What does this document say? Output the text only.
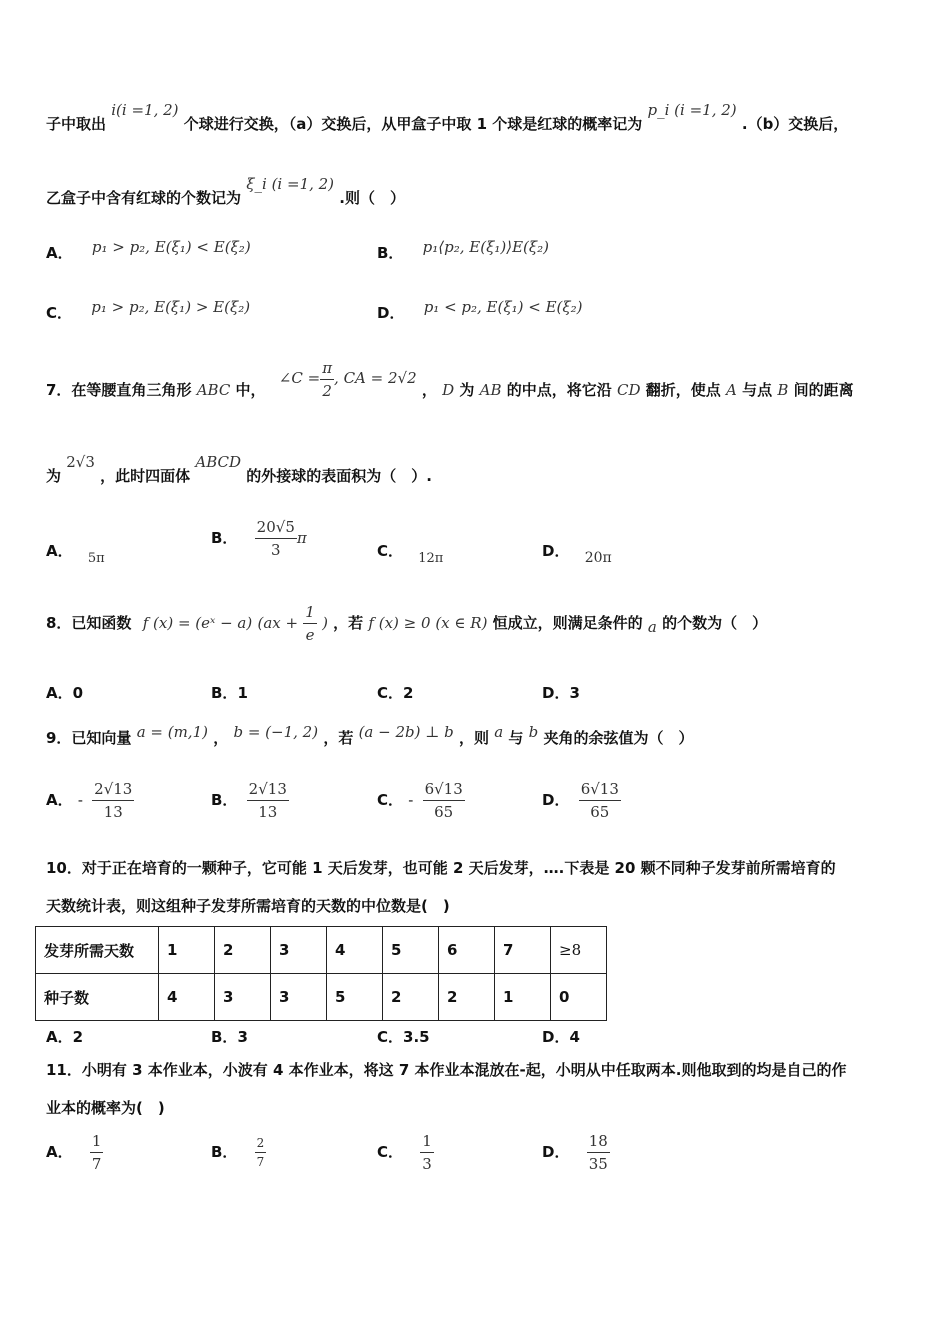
子中取出 i(i =1, 2) 个球进行交换，（a）交换后，从甲盒子中取 1 个球是红球的概率记为 p_i (i =1, 2) .（b）交换后，
乙盒子中含有红球的个数记为 ξ_i (i =1, 2) .则（　）
A． p₁ > p₂, E(ξ₁) < E(ξ₂)	B． p₁⟨p₂, E(ξ₁)⟩E(ξ₂)
C． p₁ > p₂, E(ξ₁) > E(ξ₂)	D． p₁ < p₂, E(ξ₁) < E(ξ₂)
7．在等腰直角三角形 ABC 中， ∠C = $\frac{\pi}{2}$ , CA = 2√2 ， D 为 AB 的中点，将它沿 CD 翻折，使点 A 与点 B 间的距离
为 2√3 ，此时四面体 ABCD 的外接球的表面积为（　）.
A． 5π
B． $\frac{20√5}{3}$ π
C． 12π	D． 20π
8．已知函数 f (x) = (eˣ − a) ($ax + \frac{1}{e}$ ) ，若 f (x) ≥ 0 (x ∈ R) 恒成立，则满足条件的 a 的个数为（　）
A．0	B．1	C．2	D．3
9．已知向量 a = (m,1) ， b = (−1, 2) ，若 (a − 2b) ⊥ b ，则 a 与 b 夹角的余弦值为（　）
A． - $\frac{2√13}{13}$	B． $\frac{2√13}{13}$	C． - $\frac{6√13}{65}$	D． $\frac{6√13}{65}$
10．对于正在培育的一颗种子，它可能 1 天后发芽，也可能 2 天后发芽，….下表是 20 颗不同种子发芽前所需培育的
天数统计表，则这组种子发芽所需培育的天数的中位数是(　)
发芽所需天数	1	2	3	4	5	6	7	≥8
种子数	4	3	3	5	2	2	1	0
A．2	B．3	C．3.5	D．4
11．小明有 3 本作业本，小波有 4 本作业本，将这 7 本作业本混放在-起，小明从中任取两本.则他取到的均是自己的作
业本的概率为(　)
A． $\frac{1}{7}$	B． $\frac{2}{7}$	C． $\frac{1}{3}$	D． $\frac{18}{35}$
